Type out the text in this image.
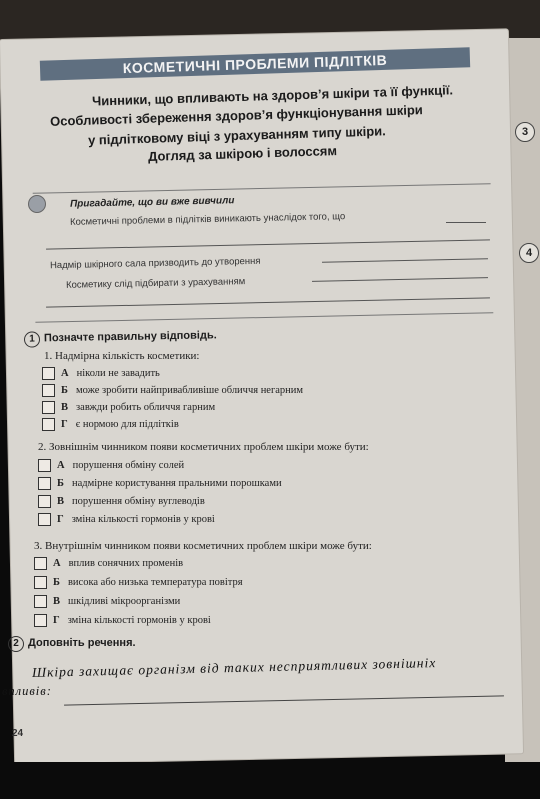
3
4
КОСМЕТИЧНІ ПРОБЛЕМИ ПІДЛІТКІВ
Чинники, що впливають на здоров’я шкіри та її функції.
Особливості збереження здоров’я функціонування шкіри
у підлітковому віці з урахуванням типу шкіри.
Догляд за шкірою і волоссям
Пригадайте, що ви вже вивчили
Косметичні проблеми в підлітків виникають унаслідок того, що
Надмір шкірного сала призводить до утворення
Косметику слід підбирати з урахуванням
1 Позначте правильну відповідь.
1. Надмірна кількість косметики:
А ніколи не завадить
Б може зробити найпривабливіше обличчя негарним
В завжди робить обличчя гарним
Г є нормою для підлітків
2. Зовнішнім чинником появи косметичних проблем шкіри може бути:
А порушення обміну солей
Б надмірне користування пральними порошками
В порушення обміну вуглеводів
Г зміна кількості гормонів у крові
3. Внутрішнім чинником появи косметичних проблем шкіри може бути:
А вплив сонячних променів
Б висока або низька температура повітря
В шкідливі мікроорганізми
Г зміна кількості гормонів у крові
2 Доповніть речення.
Шкіра захищає організм від таких несприятливих зовнішніх
впливів:
24
